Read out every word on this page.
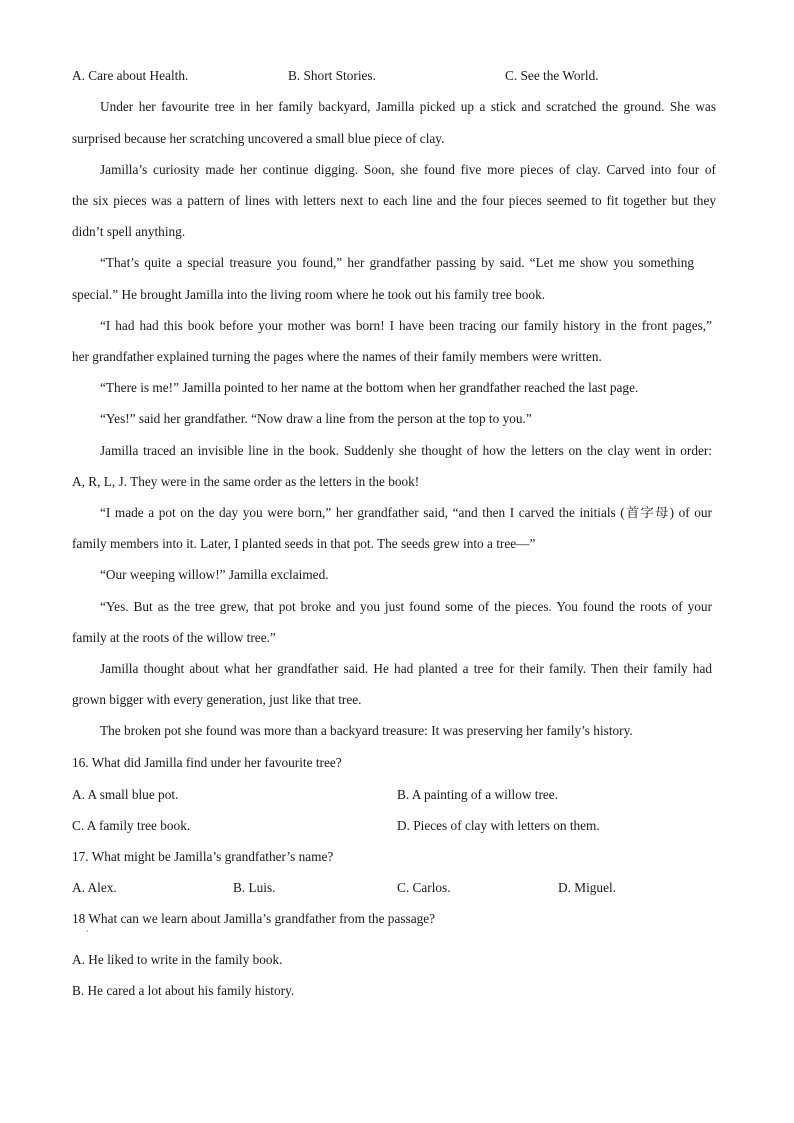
A. Care about Health.	B. Short Stories.	C. See the World.
Under her favourite tree in her family backyard, Jamilla picked up a stick and scratched the ground. She was
surprised because her scratching uncovered a small blue piece of clay.
Jamilla’s curiosity made her continue digging. Soon, she found five more pieces of clay. Carved into four of
the six pieces was a pattern of lines with letters next to each line and the four pieces seemed to fit together but they
didn’t spell anything.
“That’s quite a special treasure you found,” her grandfather passing by said. “Let me show you something
special.” He brought Jamilla into the living room where he took out his family tree book.
“I had had this book before your mother was born! I have been tracing our family history in the front pages,”
her grandfather explained turning the pages where the names of their family members were written.
“There is me!” Jamilla pointed to her name at the bottom when her grandfather reached the last page.
“Yes!” said her grandfather. “Now draw a line from the person at the top to you.”
Jamilla traced an invisible line in the book. Suddenly she thought of how the letters on the clay went in order:
A, R, L, J. They were in the same order as the letters in the book!
“I made a pot on the day you were born,” her grandfather said, “and then I carved the initials (首字母) of our
family members into it. Later, I planted seeds in that pot. The seeds grew into a tree—”
“Our weeping willow!” Jamilla exclaimed.
“Yes. But as the tree grew, that pot broke and you just found some of the pieces. You found the roots of your
family at the roots of the willow tree.”
Jamilla thought about what her grandfather said. He had planted a tree for their family. Then their family had
grown bigger with every generation, just like that tree.
The broken pot she found was more than a backyard treasure: It was preserving her family’s history.
16. What did Jamilla find under her favourite tree?
A. A small blue pot.	B. A painting of a willow tree.
C. A family tree book.	D. Pieces of clay with letters on them.
17. What might be Jamilla’s grandfather’s name?
A. Alex.	B. Luis.	C. Carlos.	D. Miguel.
18 What can we learn about Jamilla’s grandfather from the passage?
·
A. He liked to write in the family book.
B. He cared a lot about his family history.
